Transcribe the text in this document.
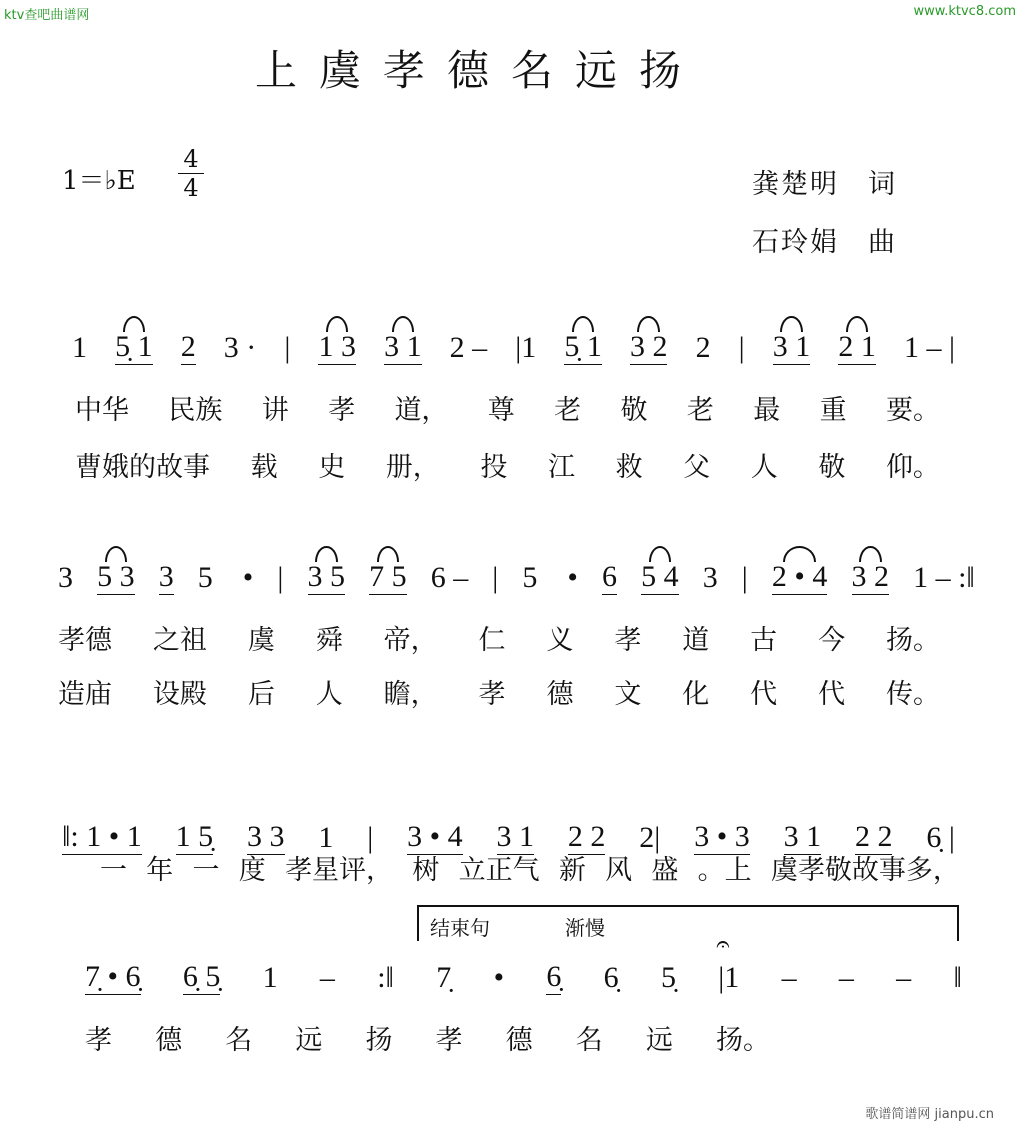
ktv查吧曲谱网	www.ktvc8.com
歌谱简谱网 jianpu.cn
上虞孝德名远扬
1＝♭E
4
4	龚楚明　词
石玲娟　曲
1 5̣ 1 2 3 · | 1 3 3 1 2 – |1 5̣ 1 3 2 2 | 3 1 2 1 1 – |
中华 民族 讲 孝 道， 尊 老 敬 老 最 重 要。
曹娥的故事 载 史 册， 投 江 救 父 人 敬 仰。
3 5 3 3 5　• | 3 5 7 5 6 – | 5　• 6 5 4 3 | 2 • 4 3 2 1 – :‖
孝德 之祖 虞 舜 帝， 仁 义 孝 道 古 今 扬。
造庙 设殿 后 人 瞻， 孝 德 文 化 代 代 传。
‖: 1 • 1 1 5̣ 3 3 1 | 3 • 4 3 1 2 2 2| 3 • 3 3 1 2 2 6̣ |
一 年 一 度 孝星评， 树 立正气 新 风 盛 。上 虞孝敬故事多，
7̣ • 6̣ 6̣ 5̣ 1 – :‖ 7̣ • 6̣ 6̣ 5̣ 𝄐 |1 – – – ‖
孝 德 名 远 扬 孝 德 名 远 扬。
结束句	渐慢
